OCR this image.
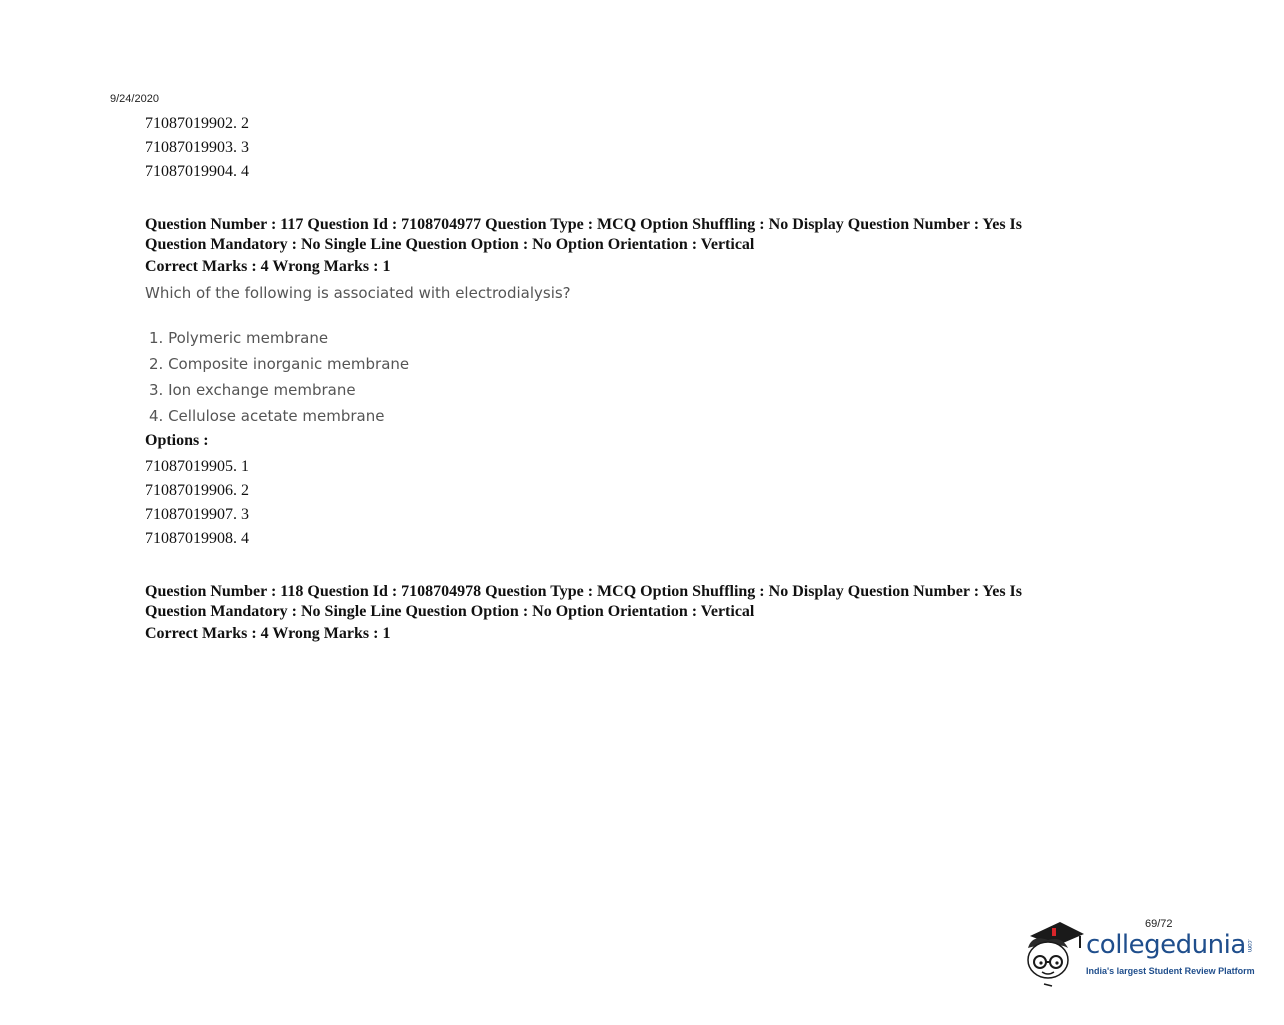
9/24/2020
71087019902. 2
71087019903. 3
71087019904. 4
Question Number : 117 Question Id : 7108704977 Question Type : MCQ Option Shuffling : No Display Question Number : Yes Is
Question Mandatory : No Single Line Question Option : No Option Orientation : Vertical
Correct Marks : 4 Wrong Marks : 1
Which of the following is associated with electrodialysis?
1. Polymeric membrane
2. Composite inorganic membrane
3. Ion exchange membrane
4. Cellulose acetate membrane
Options :
71087019905. 1
71087019906. 2
71087019907. 3
71087019908. 4
Question Number : 118 Question Id : 7108704978 Question Type : MCQ Option Shuffling : No Display Question Number : Yes Is
Question Mandatory : No Single Line Question Option : No Option Orientation : Vertical
Correct Marks : 4 Wrong Marks : 1
69/72
collegedunia.com
India's largest Student Review Platform
